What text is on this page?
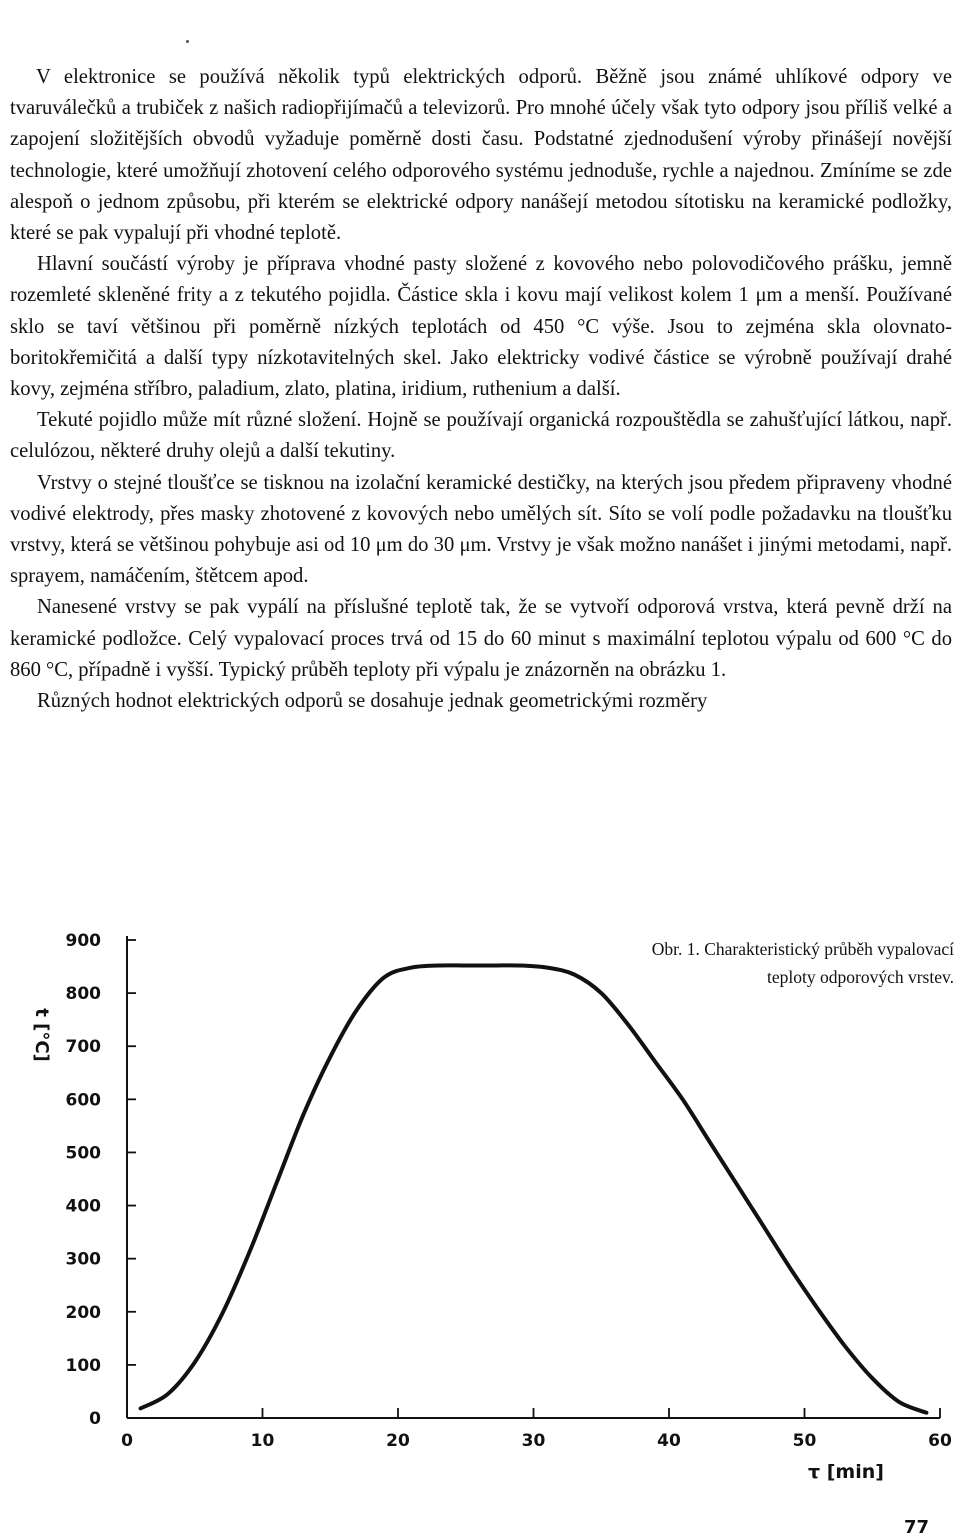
V elektronice se používá několik typů elektrických odporů. Běžně jsou známé uhlíkové odpory ve tvaruválečků a trubiček z našich radiopřijímačů a televizorů. Pro mnohé účely však tyto odpory jsou příliš velké a zapojení složitějších obvodů vyžaduje poměrně dosti času. Podstatné zjednodušení výroby přinášejí novější technologie, které umožňují zhotovení celého odporového systému jednoduše, rychle a najednou. Zmíníme se zde alespoň o jednom způsobu, při kterém se elektrické odpory nanášejí metodou sítotisku na keramické podložky, které se pak vypalují při vhodné teplotě.

Hlavní součástí výroby je příprava vhodné pasty složené z kovového nebo polovodičového prášku, jemně rozemleté skleněné frity a z tekutého pojidla. Částice skla i kovu mají velikost kolem 1 μm a menší. Používané sklo se taví většinou při poměrně nízkých teplotách od 450 °C výše. Jsou to zejména skla olovnato-boritokřemičitá a další typy nízkotavitelných skel. Jako elektricky vodivé částice se výrobně používají drahé kovy, zejména stříbro, paladium, zlato, platina, iridium, ruthenium a další.

Tekuté pojidlo může mít různé složení. Hojně se používají organická rozpouštědla se zahušťující látkou, např. celulózou, některé druhy olejů a další tekutiny.

Vrstvy o stejné tloušťce se tisknou na izolační keramické destičky, na kterých jsou předem připraveny vhodné vodivé elektrody, přes masky zhotovené z kovových nebo umělých sít. Síto se volí podle požadavku na tloušťku vrstvy, která se většinou pohybuje asi od 10 μm do 30 μm. Vrstvy je však možno nanášet i jinými metodami, např. sprayem, namáčením, štětcem apod.

Nanesené vrstvy se pak vypálí na příslušné teplotě tak, že se vytvoří odporová vrstva, která pevně drží na keramické podložce. Celý vypalovací proces trvá od 15 do 60 minut s maximální teplotou výpalu od 600 °C do 860 °C, případně i vyšší. Typický průběh teploty při výpalu je znázorněn na obrázku 1.

Různých hodnot elektrických odporů se dosahuje jednak geometrickými rozměry

Obr. 1. Charakteristický průběh vypalovací teploty odporových vrstev.
t [°C]
0
100
200
300
400
500
600
700
800
900
0	10	20	30	40	50	60
τ [min]
77
